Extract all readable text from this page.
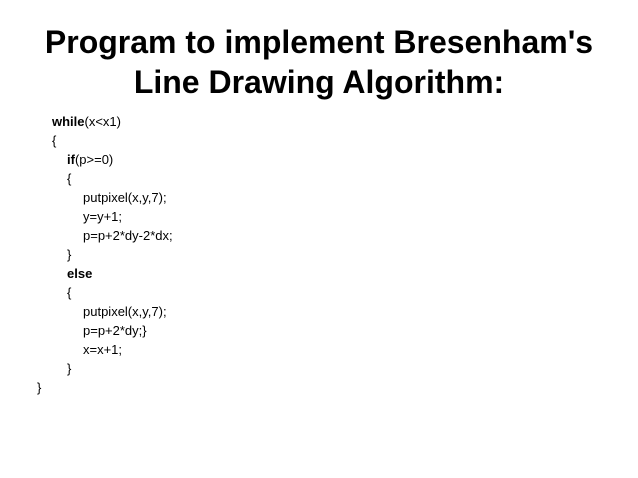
Program to implement Bresenham's
Line Drawing Algorithm:
while(x<x1)
{
if(p>=0)
{
putpixel(x,y,7);
y=y+1;
p=p+2*dy-2*dx;
}
else
{
putpixel(x,y,7);
p=p+2*dy;}
x=x+1;
}
}
